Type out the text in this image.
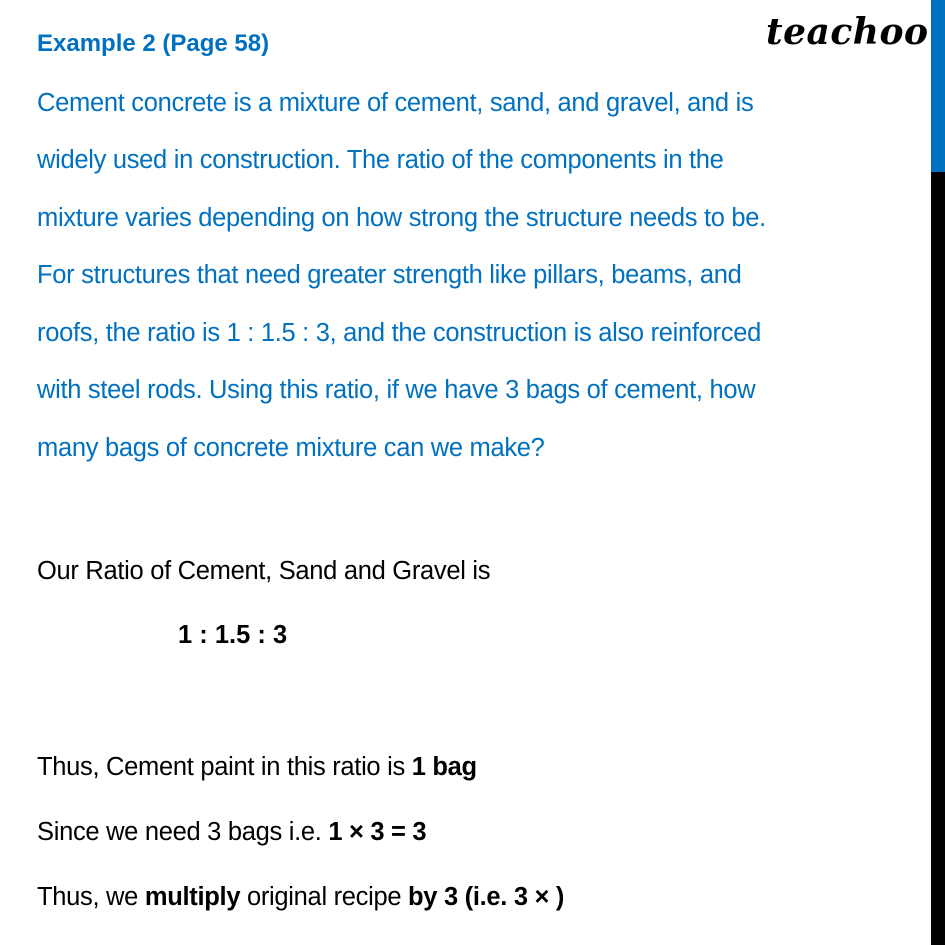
teachoo
Example 2 (Page 58)
Cement concrete is a mixture of cement, sand, and gravel, and is
widely used in construction. The ratio of the components in the
mixture varies depending on how strong the structure needs to be.
For structures that need greater strength like pillars, beams, and
roofs, the ratio is 1 : 1.5 : 3, and the construction is also reinforced
with steel rods. Using this ratio, if we have 3 bags of cement, how
many bags of concrete mixture can we make?
Our Ratio of Cement, Sand and Gravel is
1 : 1.5 : 3
Thus, Cement paint in this ratio is 1 bag
Since we need 3 bags i.e. 1 × 3 = 3
Thus, we multiply original recipe by 3 (i.e. 3 × )
